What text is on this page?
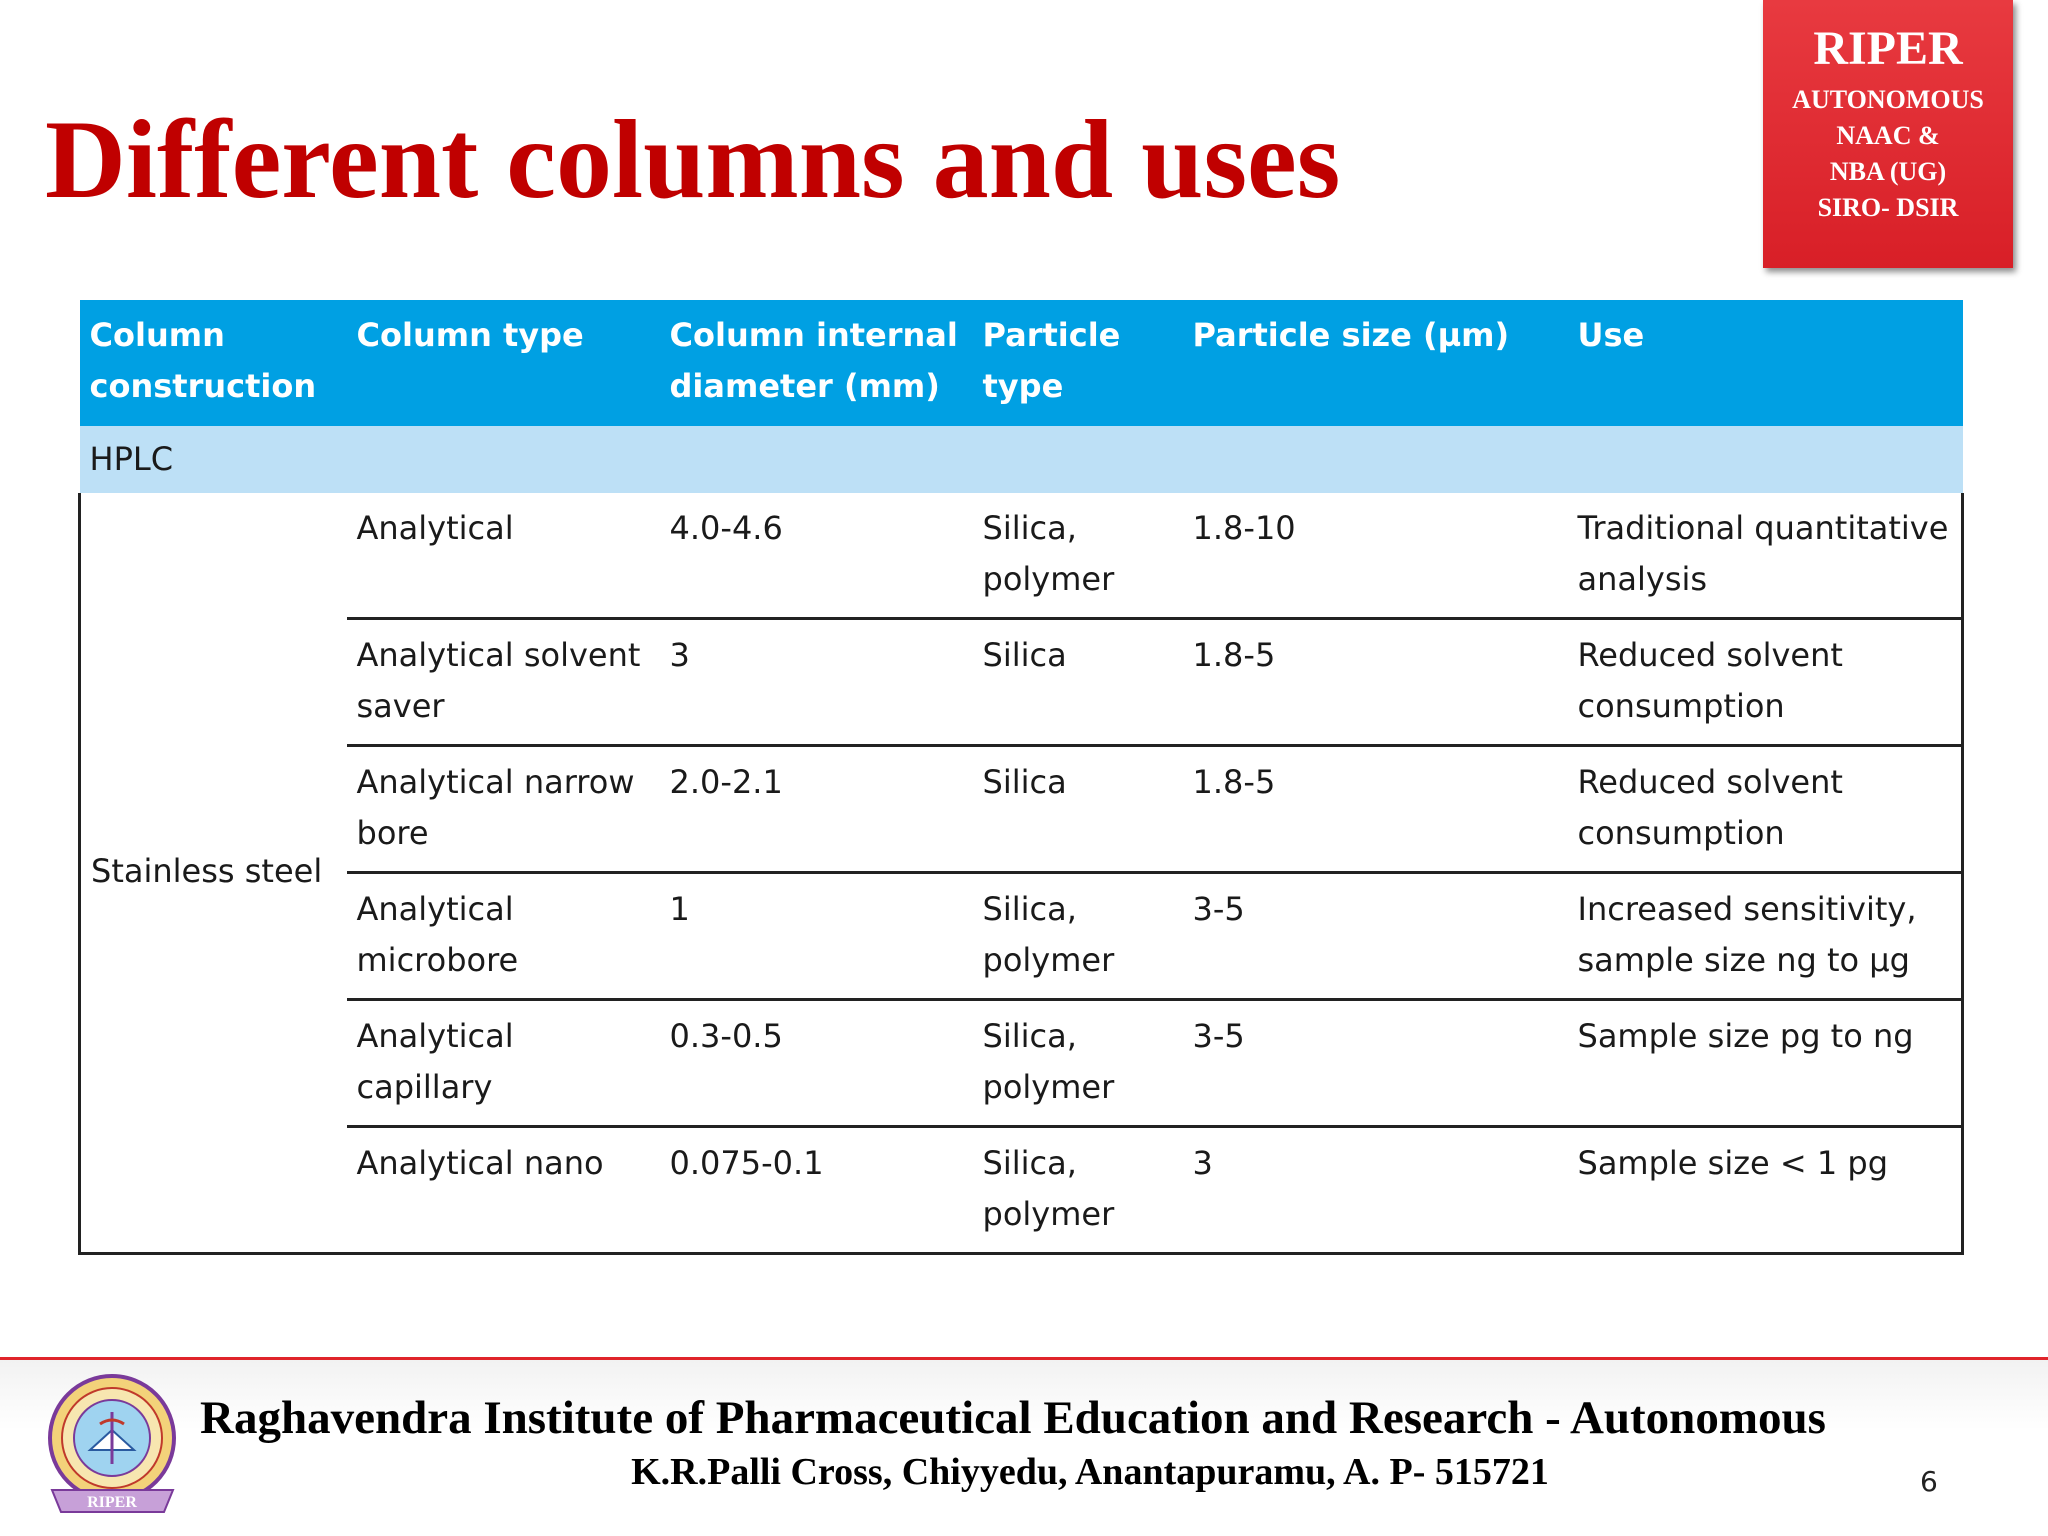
Different columns and uses
RIPER
AUTONOMOUS
NAAC &
NBA (UG)
SIRO- DSIR
Column construction	Column type	Column internal diameter (mm)	Particle type	Particle size (µm)	Use
HPLC					
Stainless steel	Analytical	4.0-4.6	Silica, polymer	1.8-10	Traditional quantitative analysis
	Analytical solvent saver	3	Silica	1.8-5	Reduced solvent consumption
	Analytical narrow bore	2.0-2.1	Silica	1.8-5	Reduced solvent consumption
	Analytical microbore	1	Silica, polymer	3-5	Increased sensitivity, sample size ng to µg
	Analytical capillary	0.3-0.5	Silica, polymer	3-5	Sample size pg to ng
	Analytical nano	0.075-0.1	Silica, polymer	3	Sample size < 1 pg
RIPER
Raghavendra Institute of Pharmaceutical Education and Research - Autonomous
K.R.Palli Cross, Chiyyedu, Anantapuramu, A. P- 515721	6
